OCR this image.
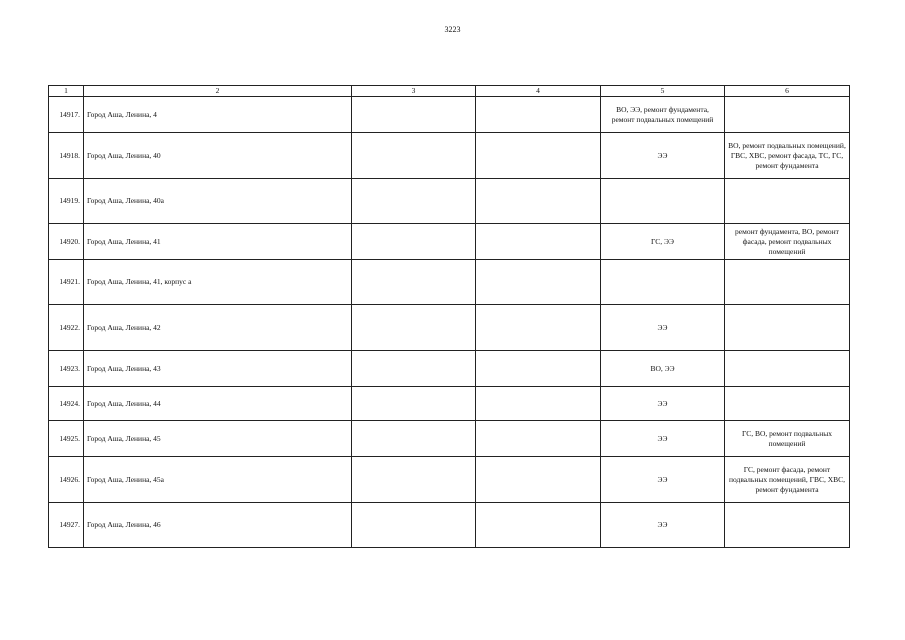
3223
1	2	3	4	5	6
14917.	Город Аша, Ленина, 4			ВО, ЭЭ, ремонт фундамента, ремонт подвальных помещений	
14918.	Город Аша, Ленина, 40			ЭЭ	ВО, ремонт подвальных помещений, ГВС, ХВС, ремонт фасада, ТС, ГС, ремонт фундамента
14919.	Город Аша, Ленина, 40а				
14920.	Город Аша, Ленина, 41			ГС, ЭЭ	ремонт фундамента, ВО, ремонт фасада, ремонт подвальных помещений
14921.	Город Аша, Ленина, 41, корпус а				
14922.	Город Аша, Ленина, 42			ЭЭ	
14923.	Город Аша, Ленина, 43			ВО, ЭЭ	
14924.	Город Аша, Ленина, 44			ЭЭ	
14925.	Город Аша, Ленина, 45			ЭЭ	ГС, ВО, ремонт подвальных помещений
14926.	Город Аша, Ленина, 45а			ЭЭ	ГС, ремонт фасада, ремонт подвальных помещений, ГВС, ХВС, ремонт фундамента
14927.	Город Аша, Ленина, 46			ЭЭ	
